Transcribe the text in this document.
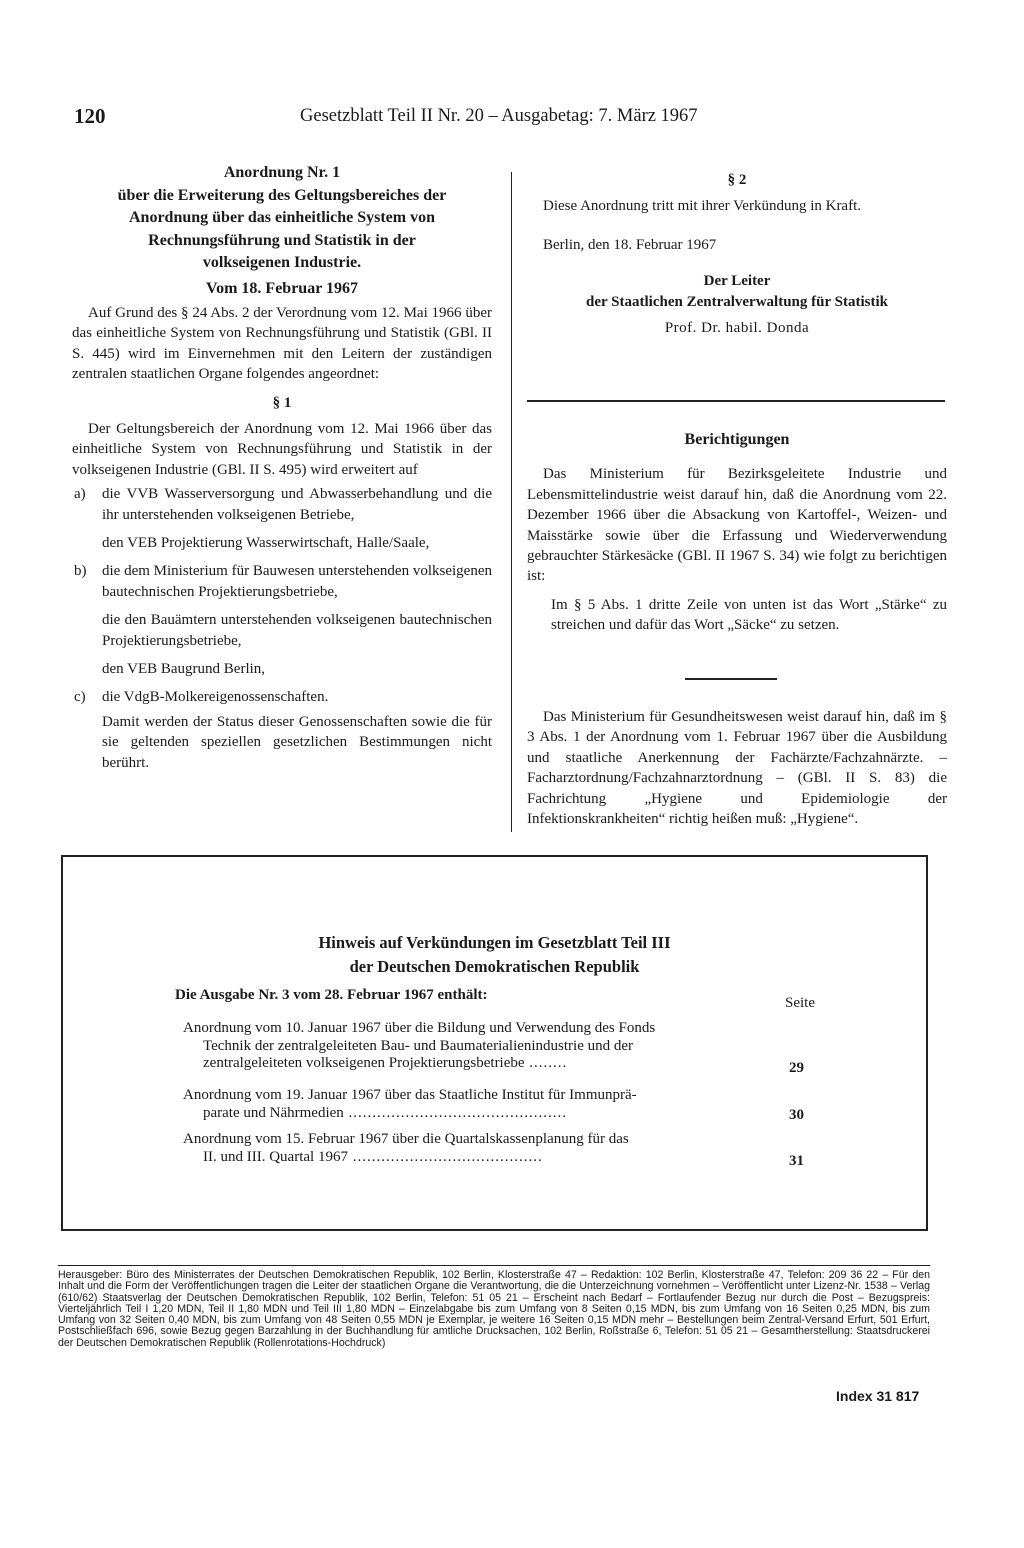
120	Gesetzblatt Teil II Nr. 20 – Ausgabetag: 7. März 1967
Anordnung Nr. 1
über die Erweiterung des Geltungsbereiches der
Anordnung über das einheitliche System von
Rechnungsführung und Statistik in der
volkseigenen Industrie.
Vom 18. Februar 1967

Auf Grund des § 24 Abs. 2 der Verordnung vom 12. Mai 1966 über das einheitliche System von Rechnungsführung und Statistik (GBl. II S. 445) wird im Einvernehmen mit den Leitern der zuständigen zentralen staatlichen Organe folgendes angeordnet:

§ 1

Der Geltungsbereich der Anordnung vom 12. Mai 1966 über das einheitliche System von Rechnungsführung und Statistik in der volkseigenen Industrie (GBl. II S. 495) wird erweitert auf

a) die VVB Wasserversorgung und Abwasserbehandlung und die ihr unterstehenden volkseigenen Betriebe,
den VEB Projektierung Wasserwirtschaft, Halle/Saale,
b) die dem Ministerium für Bauwesen unterstehenden volkseigenen bautechnischen Projektierungsbetriebe,
die den Bauämtern unterstehenden volkseigenen bautechnischen Projektierungsbetriebe,
den VEB Baugrund Berlin,
c) die VdgB-Molkereigenossenschaften.
Damit werden der Status dieser Genossenschaften sowie die für sie geltenden speziellen gesetzlichen Bestimmungen nicht berührt.
§ 2

Diese Anordnung tritt mit ihrer Verkündung in Kraft.

Berlin, den 18. Februar 1967

Der Leiter
der Staatlichen Zentralverwaltung für Statistik
Prof. Dr. habil. Donda
Berichtigungen

Das Ministerium für Bezirksgeleitete Industrie und Lebensmittelindustrie weist darauf hin, daß die Anordnung vom 22. Dezember 1966 über die Absackung von Kartoffel-, Weizen- und Maisstärke sowie über die Erfassung und Wiederverwendung gebrauchter Stärkesäcke (GBl. II 1967 S. 34) wie folgt zu berichtigen ist:

Im § 5 Abs. 1 dritte Zeile von unten ist das Wort „Stärke“ zu streichen und dafür das Wort „Säcke“ zu setzen.

Das Ministerium für Gesundheitswesen weist darauf hin, daß im § 3 Abs. 1 der Anordnung vom 1. Februar 1967 über die Ausbildung und staatliche Anerkennung der Fachärzte/Fachzahnärzte. – Facharztordnung/Fachzahnarztordnung – (GBl. II S. 83) die Fachrichtung „Hygiene und Epidemiologie der Infektionskrankheiten“ richtig heißen muß: „Hygiene“.

Hinweis auf Verkündungen im Gesetzblatt Teil III
der Deutschen Demokratischen Republik
Die Ausgabe Nr. 3 vom 28. Februar 1967 enthält:	Seite
Anordnung vom 10. Januar 1967 über die Bildung und Verwendung des Fonds
Technik der zentralgeleiteten Bau- und Baumaterialienindustrie und der
zentralgeleiteten volkseigenen Projektierungsbetriebe ........	29
Anordnung vom 19. Januar 1967 über das Staatliche Institut für Immunprä-
parate und Nährmedien ..............................................	30
Anordnung vom 15. Februar 1967 über die Quartalskassenplanung für das
II. und III. Quartal 1967 ........................................	31
Herausgeber: Büro des Ministerrates der Deutschen Demokratischen Republik, 102 Berlin, Klosterstraße 47 – Redaktion: 102 Berlin, Klosterstraße 47, Telefon: 209 36 22 – Für den Inhalt und die Form der Veröffentlichungen tragen die Leiter der staatlichen Organe die Verantwortung, die die Unterzeichnung vornehmen – Veröffentlicht unter Lizenz-Nr. 1538 – Verlag (610/62) Staatsverlag der Deutschen Demokratischen Republik, 102 Berlin, Telefon: 51 05 21 – Erscheint nach Bedarf – Fortlaufender Bezug nur durch die Post – Bezugspreis: Vierteljährlich Teil I 1,20 MDN, Teil II 1,80 MDN und Teil III 1,80 MDN – Einzelabgabe bis zum Umfang von 8 Seiten 0,15 MDN, bis zum Umfang von 16 Seiten 0,25 MDN, bis zum Umfang von 32 Seiten 0,40 MDN, bis zum Umfang von 48 Seiten 0,55 MDN je Exemplar, je weitere 16 Seiten 0,15 MDN mehr – Bestellungen beim Zentral-Versand Erfurt, 501 Erfurt, Postschließfach 696, sowie Bezug gegen Barzahlung in der Buchhandlung für amtliche Drucksachen, 102 Berlin, Roßstraße 6, Telefon: 51 05 21 – Gesamtherstellung: Staatsdruckerei der Deutschen Demokratischen Republik (Rollenrotations-Hochdruck)
Index 31 817
